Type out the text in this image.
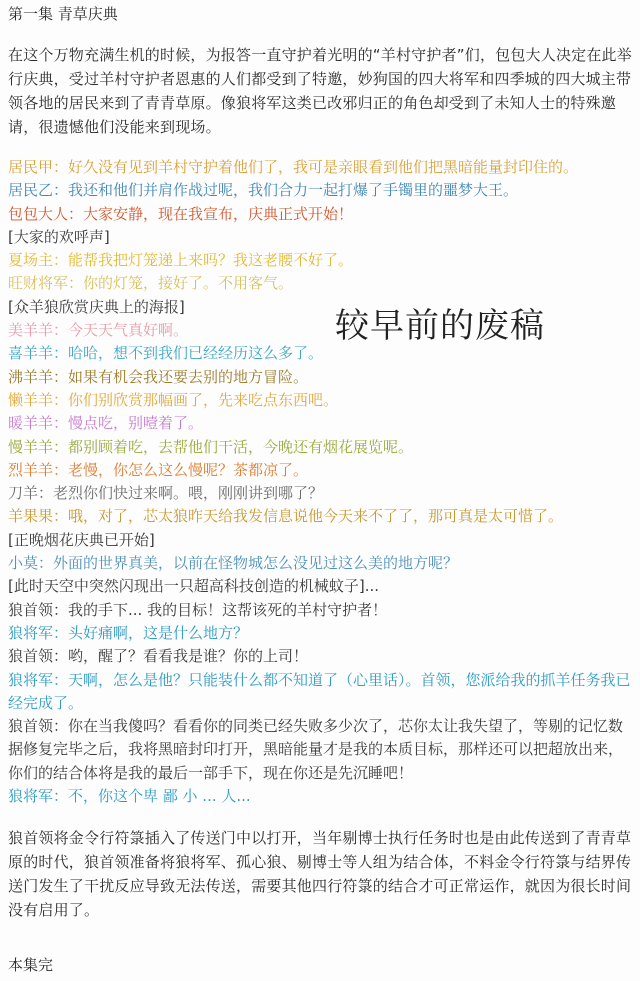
第一集 青草庆典
在这个万物充满生机的时候，为报答一直守护着光明的“羊村守护者”们，包包大人决定在此举行庆典，受过羊村守护者恩惠的人们都受到了特邀，妙狗国的四大将军和四季城的四大城主带领各地的居民来到了青青草原。像狼将军这类已改邪归正的角色却受到了未知人士的特殊邀请，很遗憾他们没能来到现场。
居民甲：好久没有见到羊村守护着他们了，我可是亲眼看到他们把黑暗能量封印住的。
居民乙：我还和他们并肩作战过呢，我们合力一起打爆了手镯里的噩梦大王。
包包大人：大家安静，现在我宣布，庆典正式开始！
[大家的欢呼声]
夏场主：能帮我把灯笼递上来吗？我这老腰不好了。
旺财将军：你的灯笼，接好了。不用客气。
[众羊狼欣赏庆典上的海报]
美羊羊：今天天气真好啊。
喜羊羊：哈哈，想不到我们已经经历这么多了。
沸羊羊：如果有机会我还要去别的地方冒险。
懒羊羊：你们别欣赏那幅画了，先来吃点东西吧。
暖羊羊：慢点吃，别噎着了。
慢羊羊：都别顾着吃，去帮他们干活，今晚还有烟花展览呢。
烈羊羊：老慢，你怎么这么慢呢？茶都凉了。
刀羊：老烈你们快过来啊。喂，刚刚讲到哪了？
羊果果：哦，对了，芯太狼昨天给我发信息说他今天来不了了，那可真是太可惜了。
[正晚烟花庆典已开始]
小莫：外面的世界真美，以前在怪物城怎么没见过这么美的地方呢？
[此时天空中突然闪现出一只超高科技创造的机械蚊子]...
狼首领：我的手下... 我的目标！这帮该死的羊村守护者！
狼将军：头好痛啊，这是什么地方？
狼首领：哟，醒了？看看我是谁？你的上司！
狼将军：天啊，怎么是他？只能装什么都不知道了（心里话）。首领，您派给我的抓羊任务我已经完成了。
狼首领：你在当我傻吗？看看你的同类已经失败多少次了，芯你太让我失望了，等剔的记忆数据修复完毕之后，我将黑暗封印打开，黑暗能量才是我的本质目标，那样还可以把超放出来，你们的结合体将是我的最后一部手下，现在你还是先沉睡吧！
狼将军：不，你这个卑 鄙 小 ... 人...
较早前的废稿
狼首领将金令行符箓插入了传送门中以打开，当年剔博士执行任务时也是由此传送到了青青草原的时代，狼首领准备将狼将军、孤心狼、剔博士等人组为结合体，不料金令行符箓与结界传送门发生了干扰反应导致无法传送，需要其他四行符箓的结合才可正常运作，就因为很长时间没有启用了。
本集完
